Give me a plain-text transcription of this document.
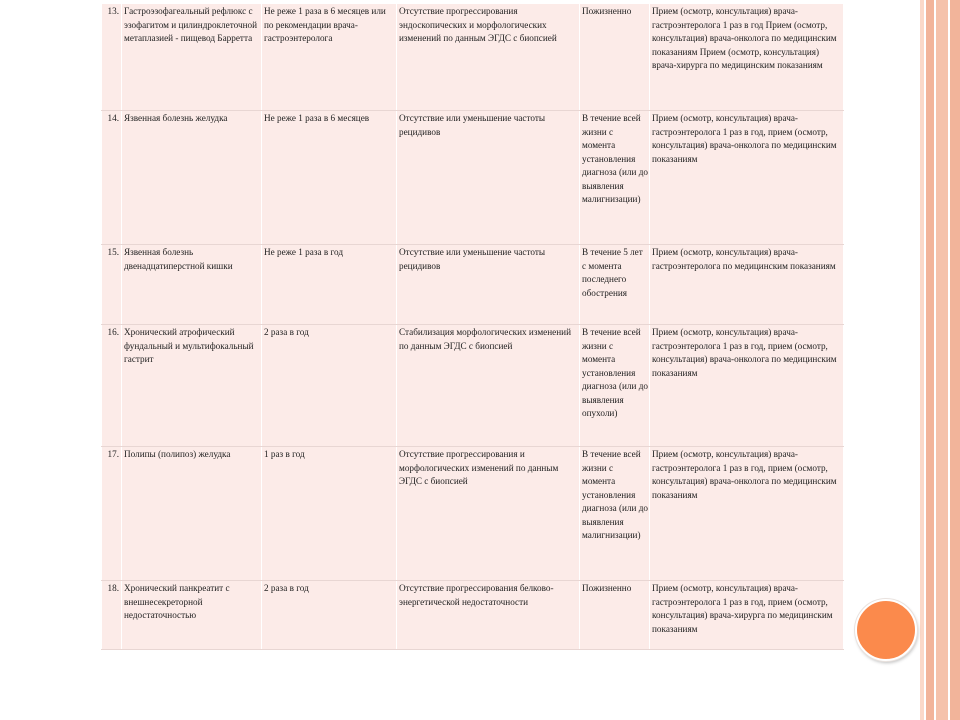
13.	Гастроэзофагеальный рефлюкс с эзофагитом и цилиндроклеточной метаплазией - пищевод Барретта	Не реже 1 раза в 6 месяцев или по рекомендации врача-гастроэнтеролога	Отсутствие прогрессирования эндоскопических и морфологических изменений по данным ЭГДС с биопсией	Пожизненно	Прием (осмотр, консультация) врача-гастроэнтеролога 1 раз в год Прием (осмотр, консультация) врача-онколога по медицинским показаниям Прием (осмотр, консультация) врача-хирурга по медицинским показаниям
14.	Язвенная болезнь желудка	Не реже 1 раза в 6 месяцев	Отсутствие или уменьшение частоты рецидивов	В течение всей жизни с момента установления диагноза (или до выявления малигнизации)	Прием (осмотр, консультация) врача-гастроэнтеролога 1 раз в год, прием (осмотр, консультация) врача-онколога по медицинским показаниям
15.	Язвенная болезнь двенадцатиперстной кишки	Не реже 1 раза в год	Отсутствие или уменьшение частоты рецидивов	В течение 5 лет с момента последнего обострения	Прием (осмотр, консультация) врача-гастроэнтеролога по медицинским показаниям
16.	Хронический атрофический фундальный и мультифокальный гастрит	2 раза в год	Стабилизация морфологических изменений по данным ЭГДС с биопсией	В течение всей жизни с момента установления диагноза (или до выявления опухоли)	Прием (осмотр, консультация) врача-гастроэнтеролога 1 раз в год, прием (осмотр, консультация) врача-онколога по медицинским показаниям
17.	Полипы (полипоз) желудка	1 раз в год	Отсутствие прогрессирования и морфологических изменений по данным ЭГДС с биопсией	В течение всей жизни с момента установления диагноза (или до выявления малигнизации)	Прием (осмотр, консультация) врача-гастроэнтеролога 1 раз в год, прием (осмотр, консультация) врача-онколога по медицинским показаниям
18.	Хронический панкреатит с внешнесекреторной недостаточностью	2 раза в год	Отсутствие прогрессирования белково-энергетической недостаточности	Пожизненно	Прием (осмотр, консультация) врача-гастроэнтеролога 1 раз в год, прием (осмотр, консультация) врача-хирурга по медицинским показаниям
